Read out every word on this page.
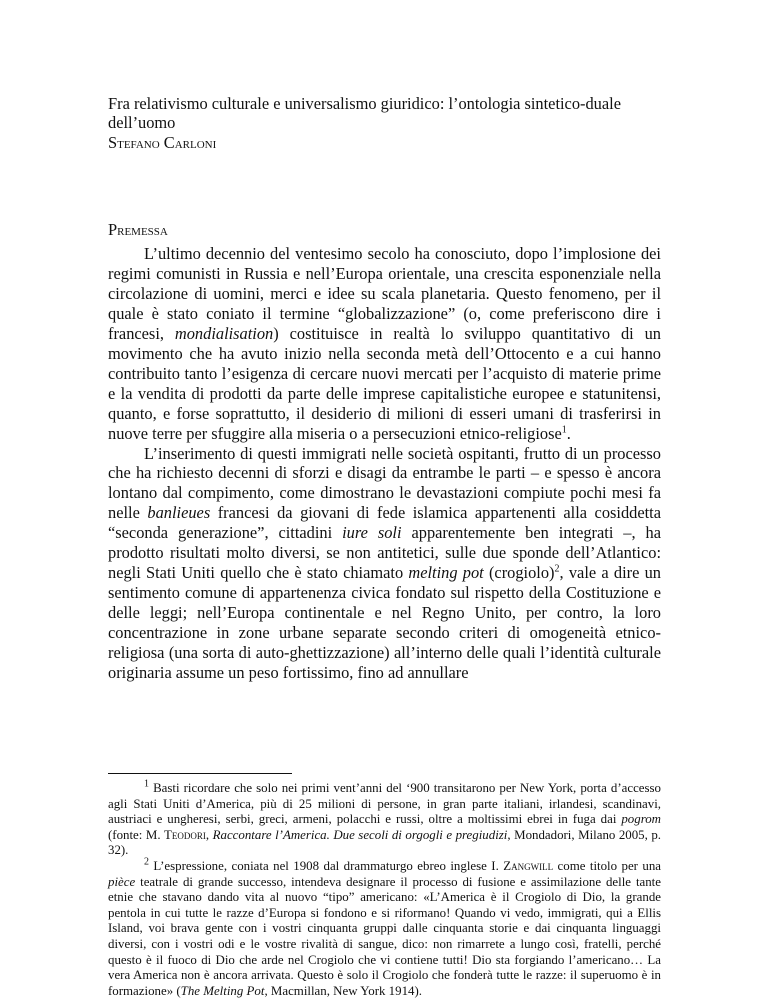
Fra relativismo culturale e universalismo giuridico: l’ontologia sintetico-duale dell’uomo
Stefano Carloni
Premessa

L’ultimo decennio del ventesimo secolo ha conosciuto, dopo l’implosione dei regimi comunisti in Russia e nell’Europa orientale, una crescita esponenziale nella circolazione di uomini, merci e idee su scala planetaria. Questo fenomeno, per il quale è stato coniato il termine “globalizzazione” (o, come preferiscono dire i francesi, mondialisation) costituisce in realtà lo sviluppo quantitativo di un movimento che ha avuto inizio nella seconda metà dell’Ottocento e a cui hanno contribuito tanto l’esigenza di cercare nuovi mercati per l’acquisto di materie prime e la vendita di prodotti da parte delle imprese capitalistiche europee e statunitensi, quanto, e forse soprattutto, il desiderio di milioni di esseri umani di trasferirsi in nuove terre per sfuggire alla miseria o a persecuzioni etnico-religiose$^1$.

L’inserimento di questi immigrati nelle società ospitanti, frutto di un processo che ha richiesto decenni di sforzi e disagi da entrambe le parti – e spesso è ancora lontano dal compimento, come dimostrano le devastazioni compiute pochi mesi fa nelle banlieues francesi da giovani di fede islamica appartenenti alla cosiddetta “seconda generazione”, cittadini iure soli apparentemente ben integrati –, ha prodotto risultati molto diversi, se non antitetici, sulle due sponde dell’Atlantico: negli Stati Uniti quello che è stato chiamato melting pot (crogiolo)$^2$, vale a dire un sentimento comune di appartenenza civica fondato sul rispetto della Costituzione e delle leggi; nell’Europa continentale e nel Regno Unito, per contro, la loro concentrazione in zone urbane separate secondo criteri di omogeneità etnico-religiosa (una sorta di auto-ghettizzazione) all’interno delle quali l’identità culturale originaria assume un peso fortissimo, fino ad annullare

$^1$ Basti ricordare che solo nei primi vent’anni del ‘900 transitarono per New York, porta d’accesso agli Stati Uniti d’America, più di 25 milioni di persone, in gran parte italiani, irlandesi, scandinavi, austriaci e ungheresi, serbi, greci, armeni, polacchi e russi, oltre a moltissimi ebrei in fuga dai pogrom (fonte: M. Teodori, Raccontare l’America. Due secoli di orgogli e pregiudizi, Mondadori, Milano 2005, p. 32).

$^2$ L’espressione, coniata nel 1908 dal drammaturgo ebreo inglese I. Zangwill come titolo per una pièce teatrale di grande successo, intendeva designare il processo di fusione e assimilazione delle tante etnie che stavano dando vita al nuovo “tipo” americano: «L’America è il Crogiolo di Dio, la grande pentola in cui tutte le razze d’Europa si fondono e si riformano! Quando vi vedo, immigrati, qui a Ellis Island, voi brava gente con i vostri cinquanta gruppi dalle cinquanta storie e dai cinquanta linguaggi diversi, con i vostri odi e le vostre rivalità di sangue, dico: non rimarrete a lungo così, fratelli, perché questo è il fuoco di Dio che arde nel Crogiolo che vi contiene tutti! Dio sta forgiando l’americano… La vera America non è ancora arrivata. Questo è solo il Crogiolo che fonderà tutte le razze: il superuomo è in formazione» (The Melting Pot, Macmillan, New York 1914).
